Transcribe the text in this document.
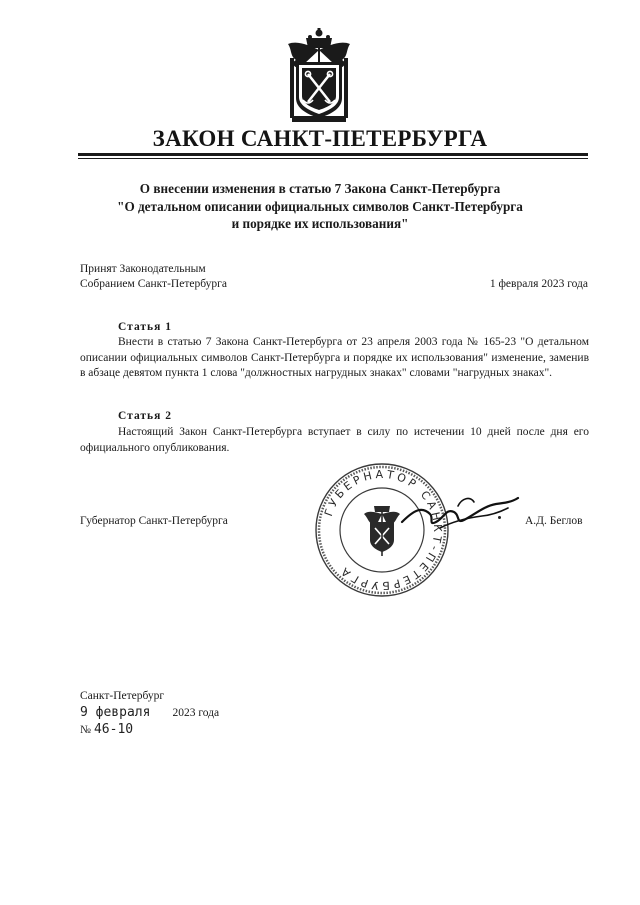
ЗАКОН САНКТ-ПЕТЕРБУРГА
О внесении изменения в статью 7 Закона Санкт-Петербурга
"О детальном описании официальных символов Санкт-Петербурга
и порядке их использования"
Принят Законодательным
Собранием Санкт-Петербурга	1 февраля 2023 года
Статья 1

Внести в статью 7 Закона Санкт-Петербурга от 23 апреля 2003 года № 165-23 "О детальном описании официальных символов Санкт-Петербурга и порядке их использования" изменение, заменив в абзаце девятом пункта 1 слова "должностных нагрудных знаках" словами "нагрудных знаках".

Статья 2

Настоящий Закон Санкт-Петербурга вступает в силу по истечении 10 дней после дня его официального опубликования.

ГУБЕРНАТОР САНКТ-ПЕТЕРБУРГА
Губернатор Санкт-Петербурга	А.Д. Беглов
Санкт-Петербург
9 февраля 2023 года
№ 46-10
